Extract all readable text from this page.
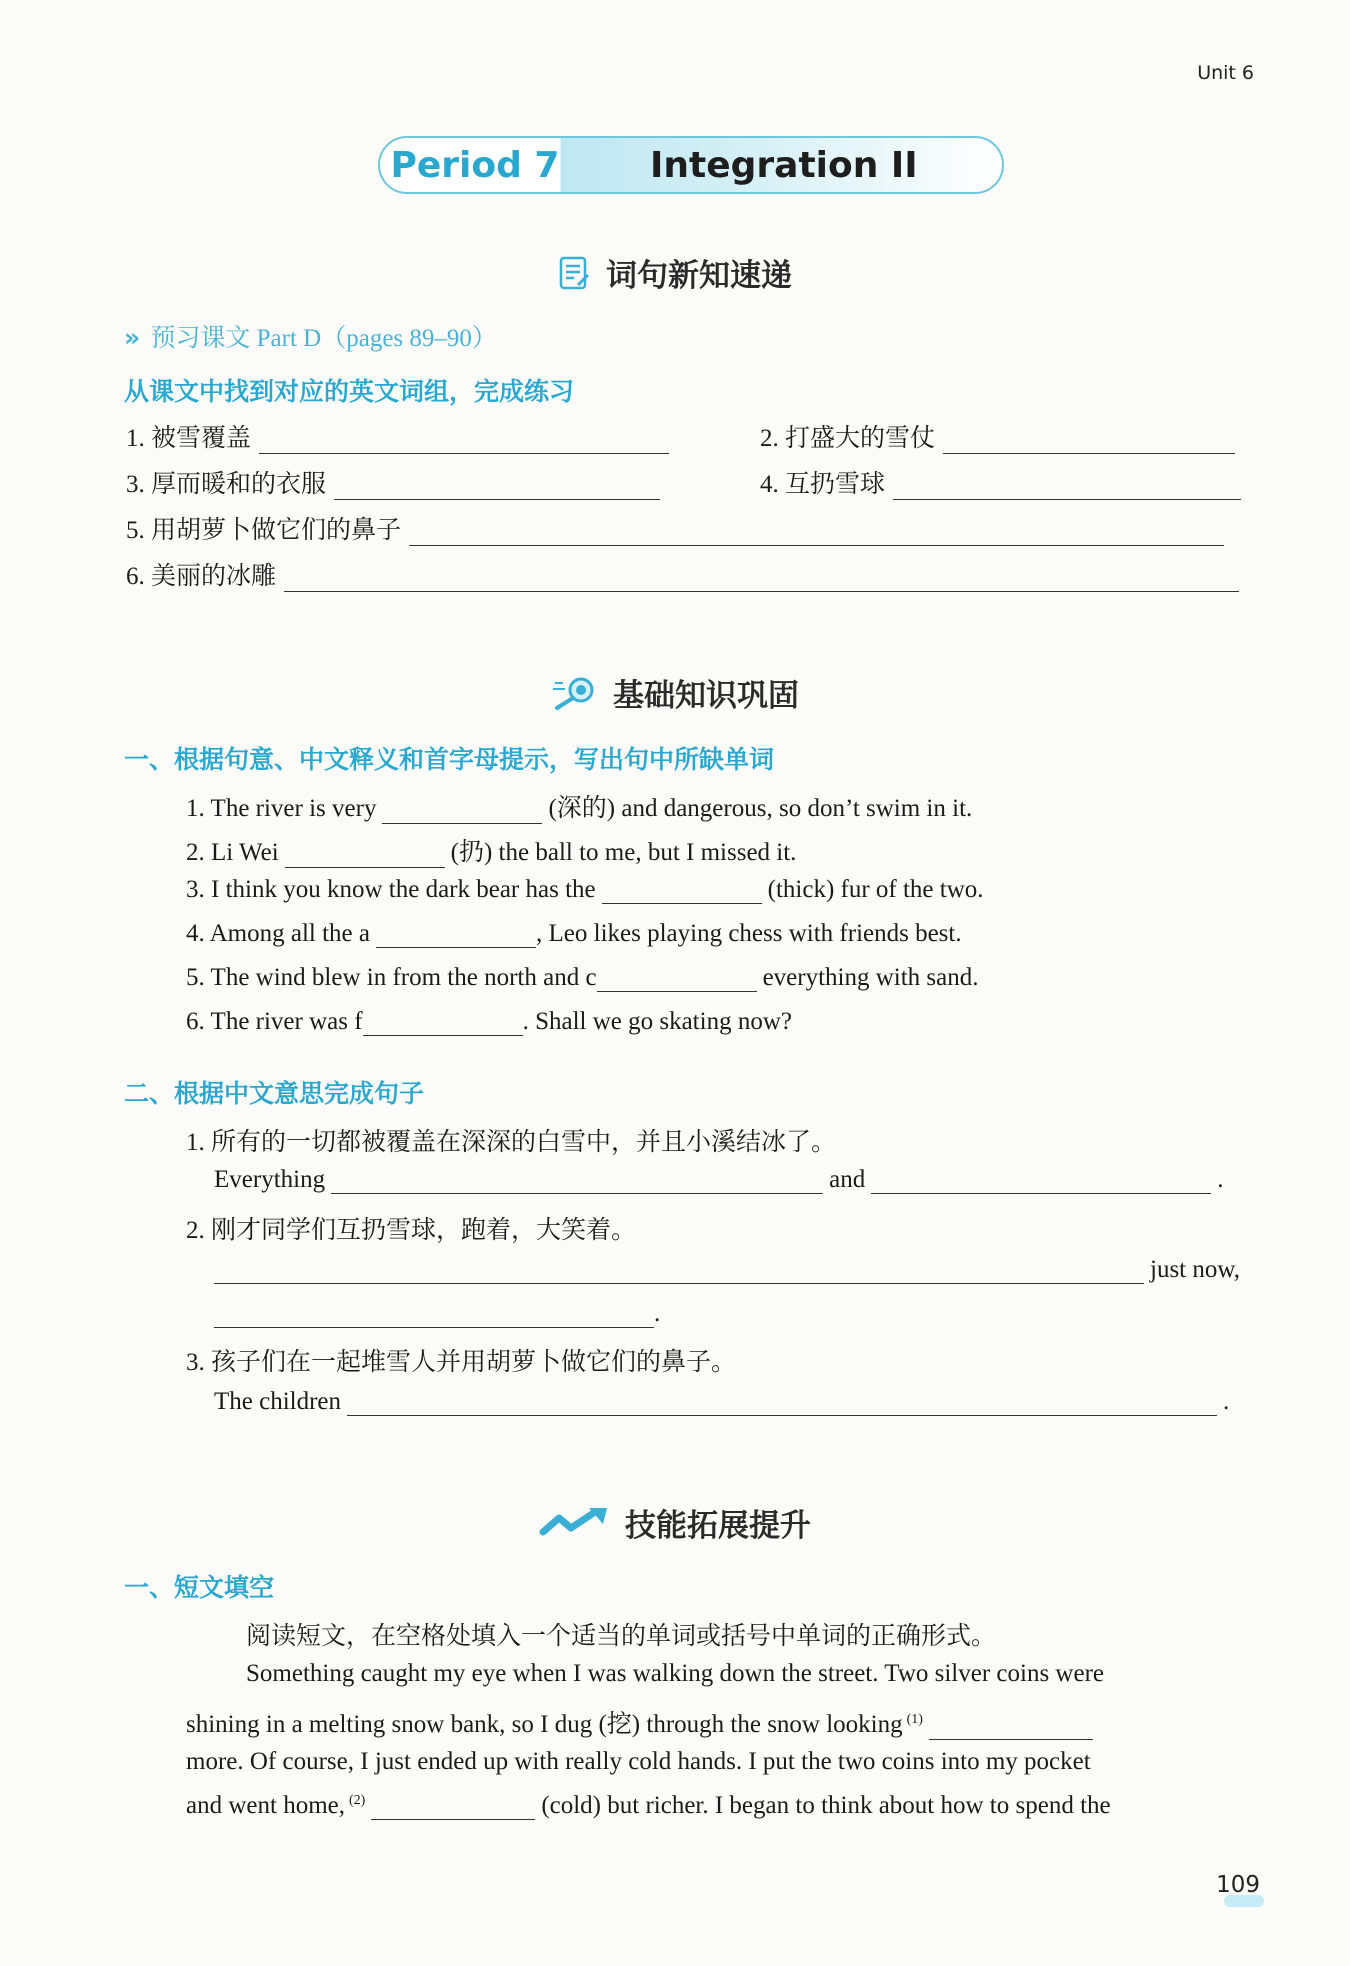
Unit 6
Period 7	Integration II
词句新知速递
» 预习课文 Part D（pages 89–90）
从课文中找到对应的英文词组，完成练习
1. 被雪覆盖	2. 打盛大的雪仗
3. 厚而暖和的衣服	4. 互扔雪球
5. 用胡萝卜做它们的鼻子
6. 美丽的冰雕
基础知识巩固
一、根据句意、中文释义和首字母提示，写出句中所缺单词
1. The river is very	(深的) and dangerous, so don’t swim in it.
2. Li Wei	(扔) the ball to me, but I missed it.
3. I think you know the dark bear has the	(thick) fur of the two.
4. Among all the a	, Leo likes playing chess with friends best.
5. The wind blew in from the north and c	everything with sand.
6. The river was f	. Shall we go skating now?
二、根据中文意思完成句子
1. 所有的一切都被覆盖在深深的白雪中，并且小溪结冰了。
Everything	and	.
2. 刚才同学们互扔雪球，跑着，大笑着。
just now,
.
3. 孩子们在一起堆雪人并用胡萝卜做它们的鼻子。
The children	.
技能拓展提升
一、短文填空
阅读短文，在空格处填入一个适当的单词或括号中单词的正确形式。
Something caught my eye when I was walking down the street. Two silver coins were
shining in a melting snow bank, so I dug (挖) through the snow looking $^{(1)}$
more. Of course, I just ended up with really cold hands. I put the two coins into my pocket
and went home, $^{(2)}$	(cold) but richer. I began to think about how to spend the
109
